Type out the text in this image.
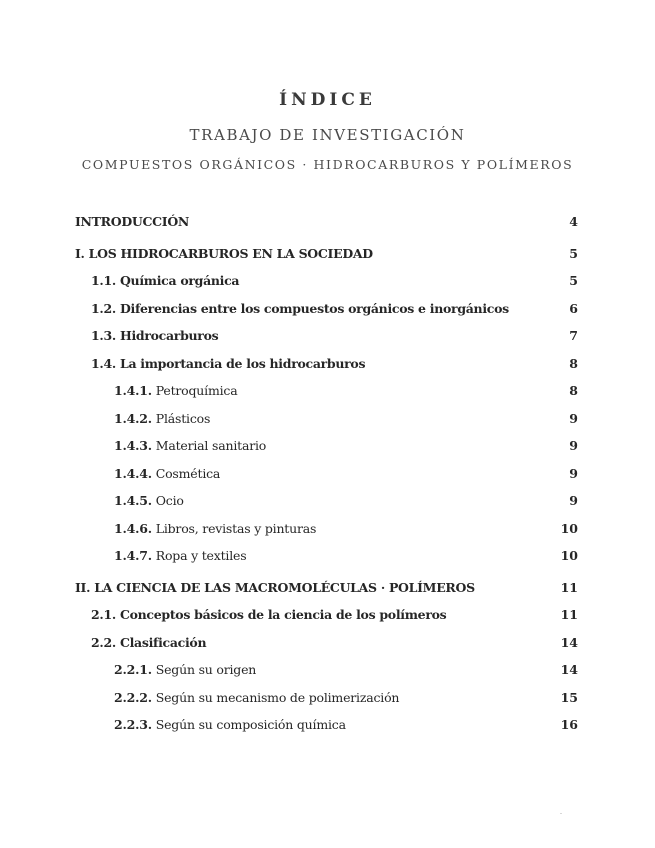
ÍNDICE
TRABAJO DE INVESTIGACIÓN
COMPUESTOS ORGÁNICOS · HIDROCARBUROS Y POLÍMEROS
INTRODUCCIÓN	4
I. LOS HIDROCARBUROS EN LA SOCIEDAD	5
1.1. Química orgánica	5
1.2. Diferencias entre los compuestos orgánicos e inorgánicos	6
1.3. Hidrocarburos	7
1.4. La importancia de los hidrocarburos	8
1.4.1. Petroquímica	8
1.4.2. Plásticos	9
1.4.3. Material sanitario	9
1.4.4. Cosmética	9
1.4.5. Ocio	9
1.4.6. Libros, revistas y pinturas	10
1.4.7. Ropa y textiles	10
II. LA CIENCIA DE LAS MACROMOLÉCULAS · POLÍMEROS	11
2.1. Conceptos básicos de la ciencia de los polímeros	11
2.2. Clasificación	14
2.2.1. Según su origen	14
2.2.2. Según su mecanismo de polimerización	15
2.2.3. Según su composición química	16
